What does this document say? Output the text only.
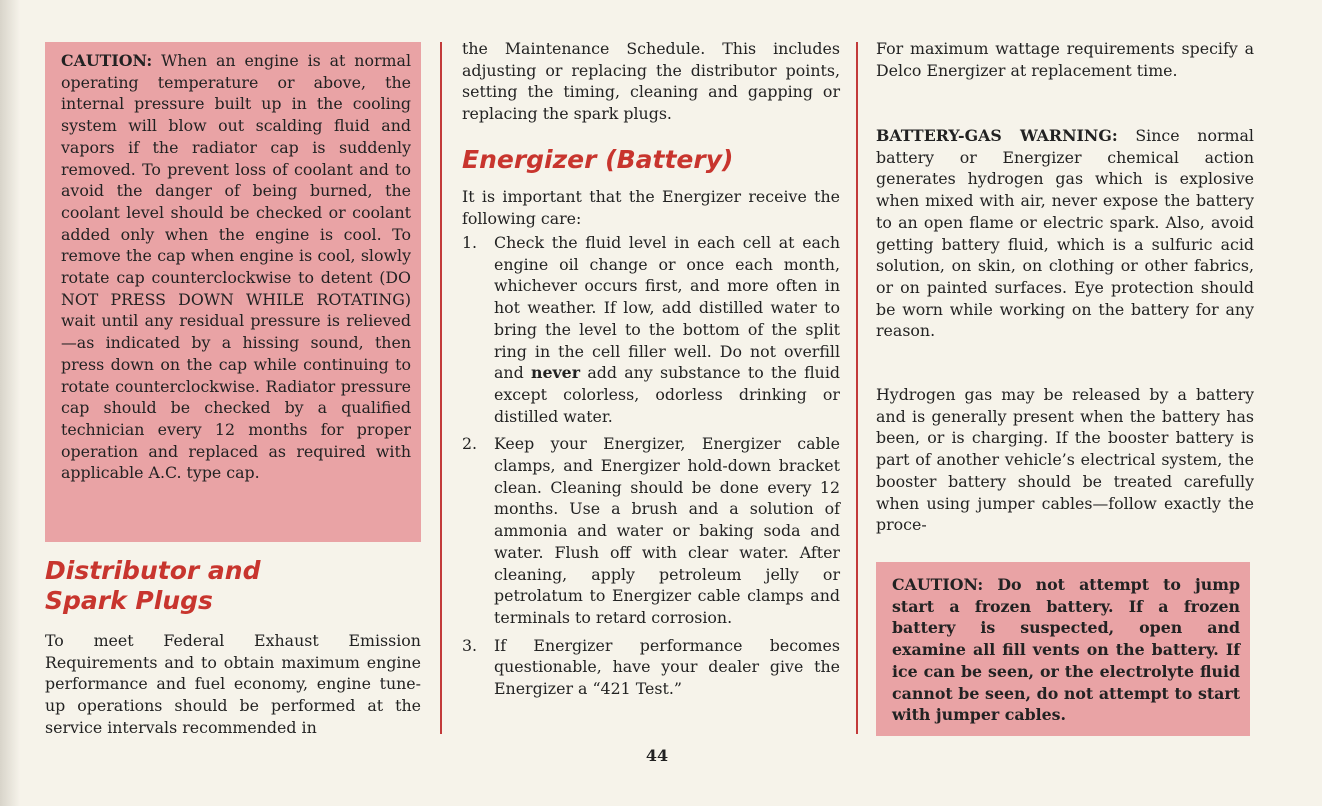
CAUTION: When an engine is at normal operating temperature or above, the internal pressure built up in the cooling system will blow out scalding fluid and vapors if the radiator cap is suddenly removed. To prevent loss of coolant and to avoid the danger of being burned, the coolant level should be checked or coolant added only when the engine is cool. To remove the cap when engine is cool, slowly rotate cap counterclockwise to detent (DO NOT PRESS DOWN WHILE ROTATING) wait until any residual pressure is relieved—as indicated by a hissing sound, then press down on the cap while continuing to rotate counterclockwise. Radiator pressure cap should be checked by a qualified technician every 12 months for proper operation and replaced as required with applicable A.C. type cap.

Distributor and
Spark Plugs

To meet Federal Exhaust Emission Requirements and to obtain maximum engine performance and fuel economy, engine tune-up operations should be performed at the service intervals recommended in

the Maintenance Schedule. This includes adjusting or replacing the distributor points, setting the timing, cleaning and gapping or replacing the spark plugs.

Energizer (Battery)

It is important that the Energizer receive the following care:

1. Check the fluid level in each cell at each engine oil change or once each month, whichever occurs first, and more often in hot weather. If low, add distilled water to bring the level to the bottom of the split ring in the cell filler well. Do not overfill and never add any substance to the fluid except colorless, odorless drinking or distilled water.
2. Keep your Energizer, Energizer cable clamps, and Energizer hold-down bracket clean. Cleaning should be done every 12 months. Use a brush and a solution of ammonia and water or baking soda and water. Flush off with clear water. After cleaning, apply petroleum jelly or petrolatum to Energizer cable clamps and terminals to retard corrosion.
3. If Energizer performance becomes questionable, have your dealer give the Energizer a “421 Test.”

For maximum wattage requirements specify a Delco Energizer at replacement time.

BATTERY-GAS WARNING: Since normal battery or Energizer chemical action generates hydrogen gas which is explosive when mixed with air, never expose the battery to an open flame or electric spark. Also, avoid getting battery fluid, which is a sulfuric acid solution, on skin, on clothing or other fabrics, or on painted surfaces. Eye protection should be worn while working on the battery for any reason.

Hydrogen gas may be released by a battery and is generally present when the battery has been, or is charging. If the booster battery is part of another vehicle’s electrical system, the booster battery should be treated carefully when using jumper cables—follow exactly the proce-

CAUTION: Do not attempt to jump start a frozen battery. If a frozen battery is suspected, open and examine all fill vents on the battery. If ice can be seen, or the electrolyte fluid cannot be seen, do not attempt to start with jumper cables.

44
